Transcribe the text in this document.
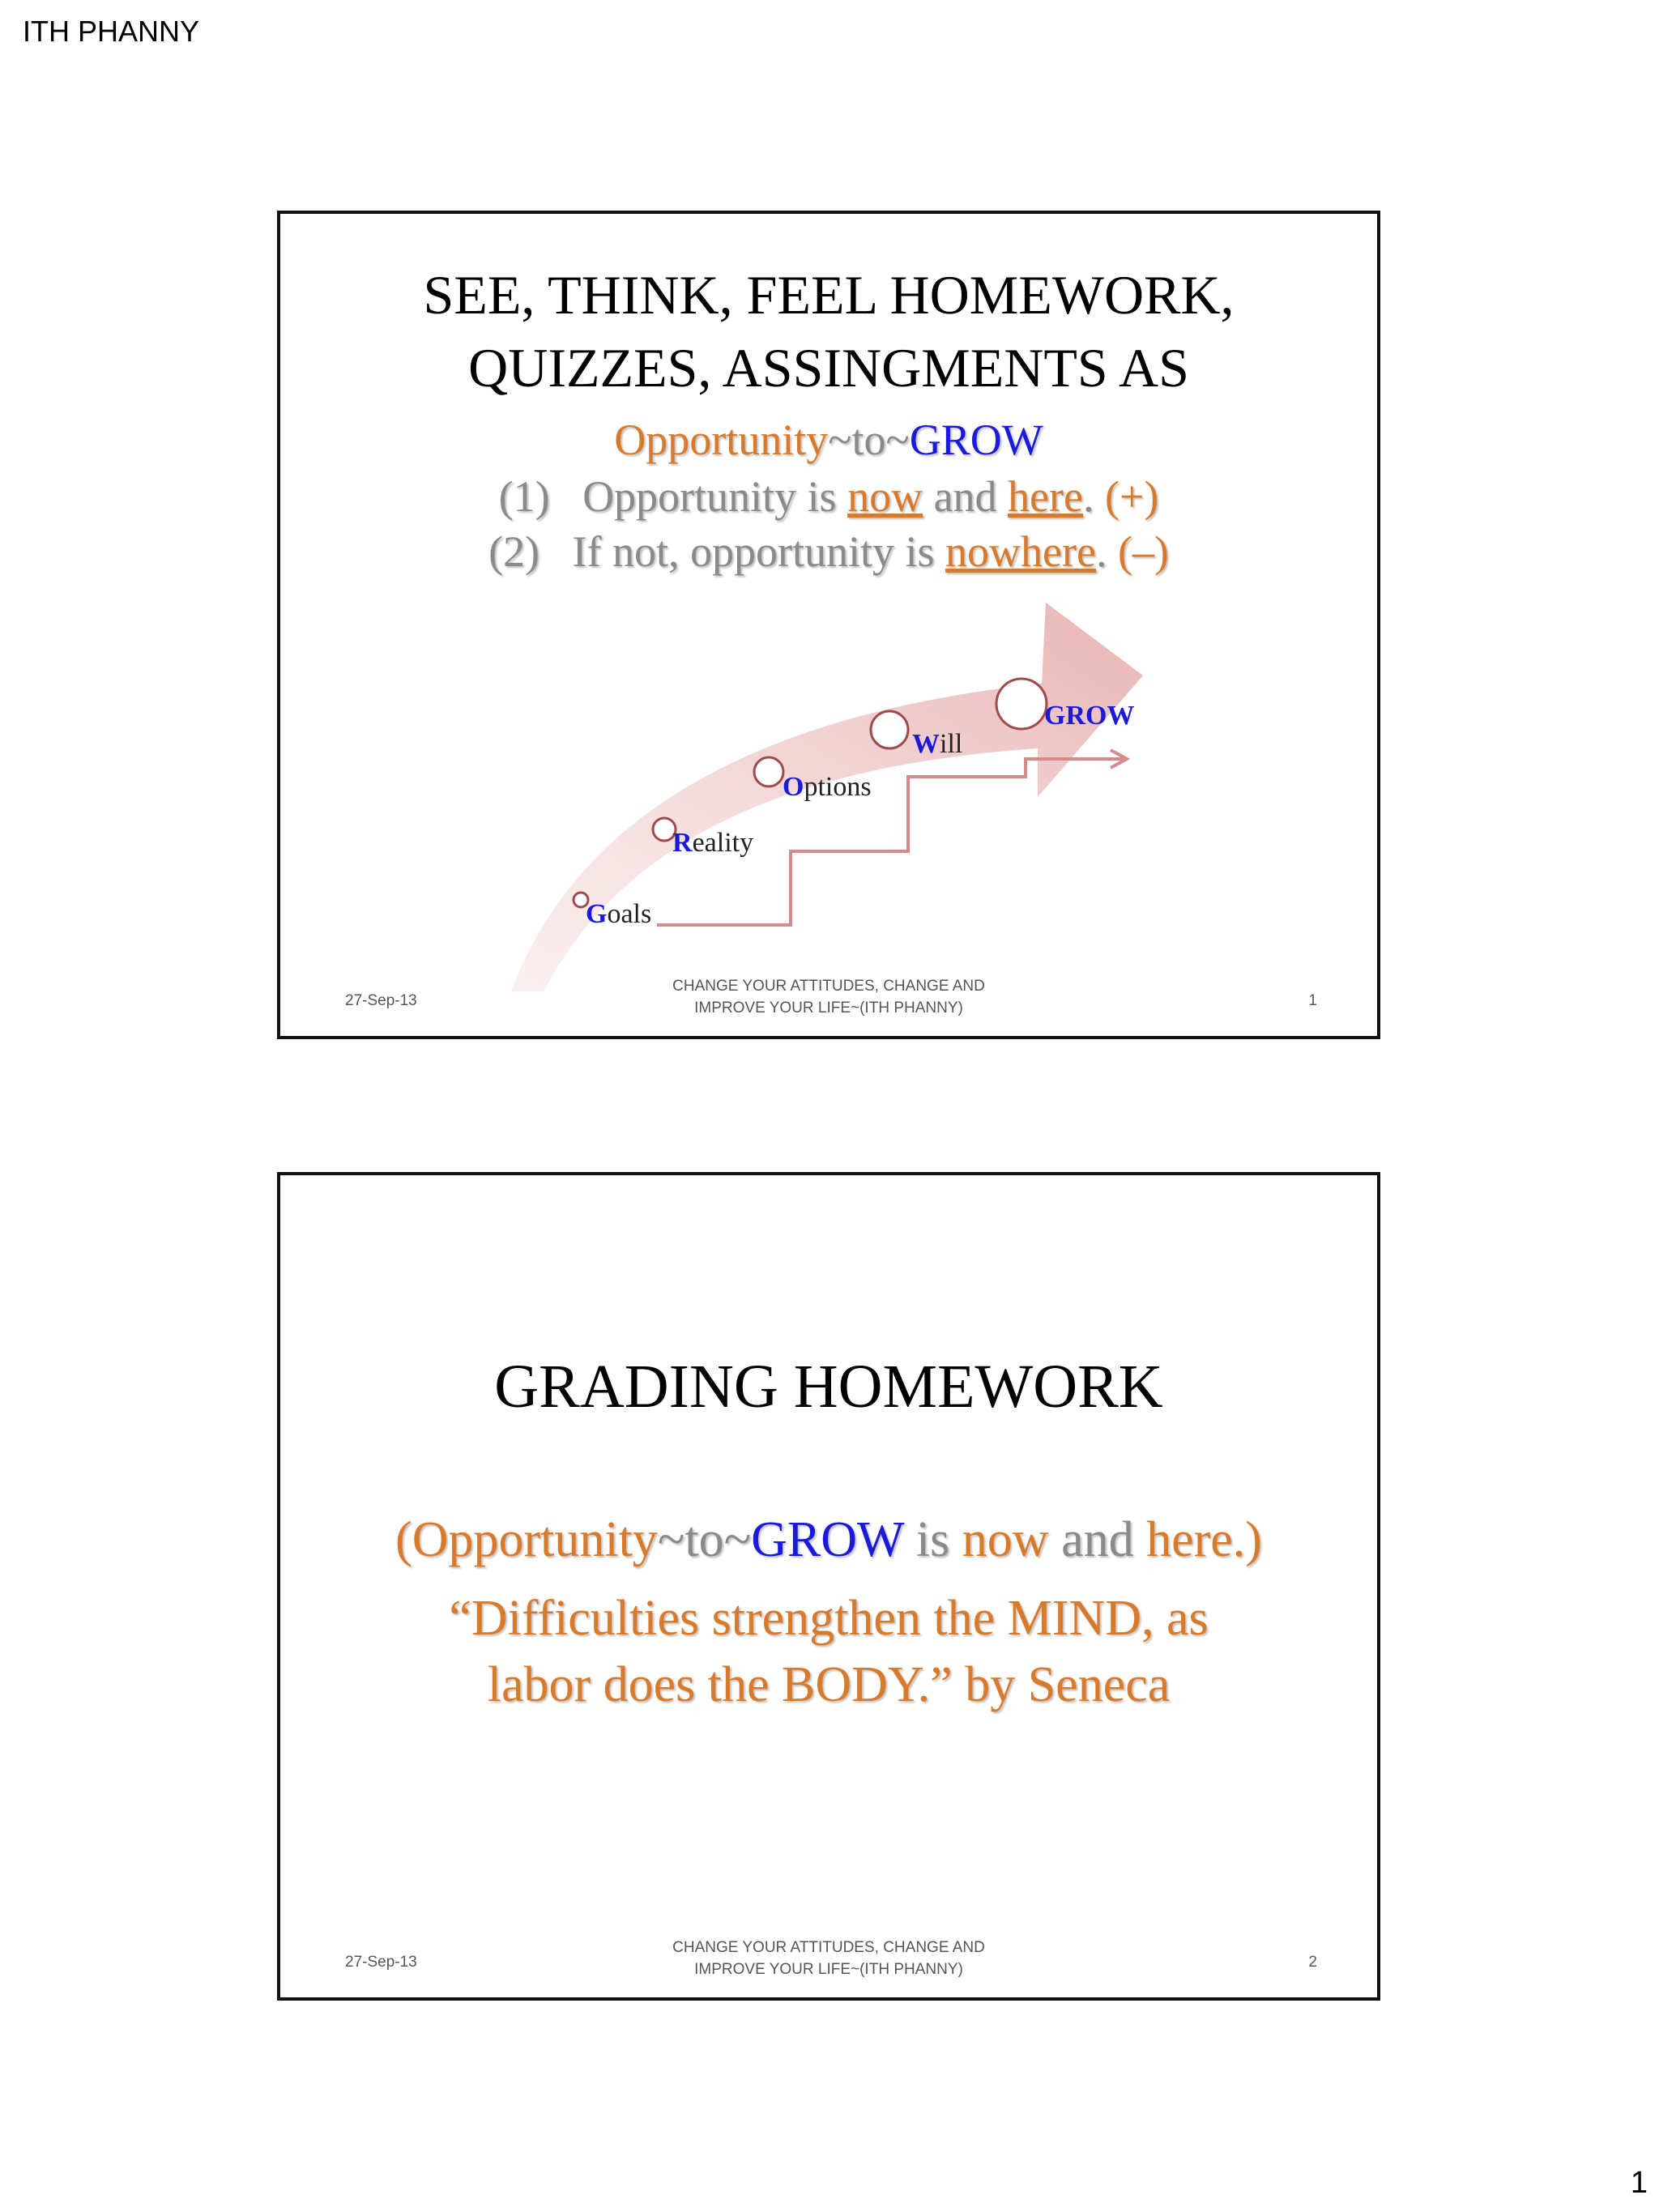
ITH PHANNY
SEE, THINK, FEEL HOMEWORK,
QUIZZES, ASSINGMENTS AS
Opportunity~to~GROW
(1) Opportunity is now and here. (+)
(2) If not, opportunity is nowhere. (–)
Goals
Reality
Options
Will
GROW
27-Sep-13
CHANGE YOUR ATTITUDES, CHANGE AND
IMPROVE YOUR LIFE~(ITH PHANNY)	1
GRADING HOMEWORK
(Opportunity~to~GROW is now and here.)
“Difficulties strengthen the MIND, as
labor does the BODY.” by Seneca
27-Sep-13
CHANGE YOUR ATTITUDES, CHANGE AND
IMPROVE YOUR LIFE~(ITH PHANNY)	2
1
